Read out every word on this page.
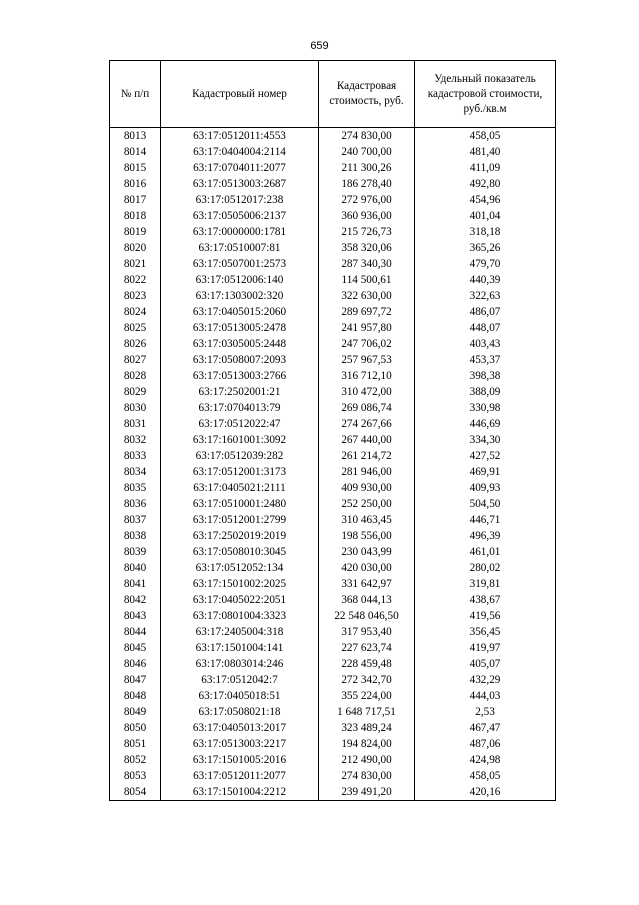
659
№ п/п	Кадастровый номер	Кадастровая стоимость, руб.	Удельный показатель кадастровой стоимости, руб./кв.м
8013	63:17:0512011:4553	274 830,00	458,05
8014	63:17:0404004:2114	240 700,00	481,40
8015	63:17:0704011:2077	211 300,26	411,09
8016	63:17:0513003:2687	186 278,40	492,80
8017	63:17:0512017:238	272 976,00	454,96
8018	63:17:0505006:2137	360 936,00	401,04
8019	63:17:0000000:1781	215 726,73	318,18
8020	63:17:0510007:81	358 320,06	365,26
8021	63:17:0507001:2573	287 340,30	479,70
8022	63:17:0512006:140	114 500,61	440,39
8023	63:17:1303002:320	322 630,00	322,63
8024	63:17:0405015:2060	289 697,72	486,07
8025	63:17:0513005:2478	241 957,80	448,07
8026	63:17:0305005:2448	247 706,02	403,43
8027	63:17:0508007:2093	257 967,53	453,37
8028	63:17:0513003:2766	316 712,10	398,38
8029	63:17:2502001:21	310 472,00	388,09
8030	63:17:0704013:79	269 086,74	330,98
8031	63:17:0512022:47	274 267,66	446,69
8032	63:17:1601001:3092	267 440,00	334,30
8033	63:17:0512039:282	261 214,72	427,52
8034	63:17:0512001:3173	281 946,00	469,91
8035	63:17:0405021:2111	409 930,00	409,93
8036	63:17:0510001:2480	252 250,00	504,50
8037	63:17:0512001:2799	310 463,45	446,71
8038	63:17:2502019:2019	198 556,00	496,39
8039	63:17:0508010:3045	230 043,99	461,01
8040	63:17:0512052:134	420 030,00	280,02
8041	63:17:1501002:2025	331 642,97	319,81
8042	63:17:0405022:2051	368 044,13	438,67
8043	63:17:0801004:3323	22 548 046,50	419,56
8044	63:17:2405004:318	317 953,40	356,45
8045	63:17:1501004:141	227 623,74	419,97
8046	63:17:0803014:246	228 459,48	405,07
8047	63:17:0512042:7	272 342,70	432,29
8048	63:17:0405018:51	355 224,00	444,03
8049	63:17:0508021:18	1 648 717,51	2,53
8050	63:17:0405013:2017	323 489,24	467,47
8051	63:17:0513003:2217	194 824,00	487,06
8052	63:17:1501005:2016	212 490,00	424,98
8053	63:17:0512011:2077	274 830,00	458,05
8054	63:17:1501004:2212	239 491,20	420,16
